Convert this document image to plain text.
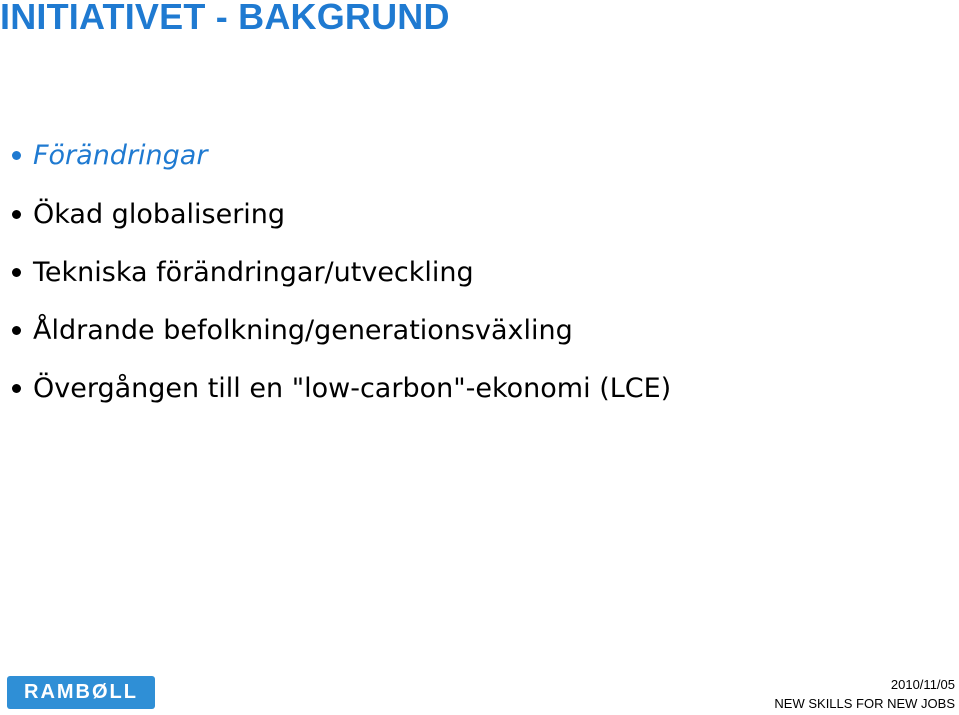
INITIATIVET - BAKGRUND
Förändringar
Ökad globalisering
Tekniska förändringar/utveckling
Åldrande befolkning/generationsväxling
Övergången till en "low-carbon"-ekonomi (LCE)
RAMBØLL	2010/11/05
NEW SKILLS FOR NEW JOBS
